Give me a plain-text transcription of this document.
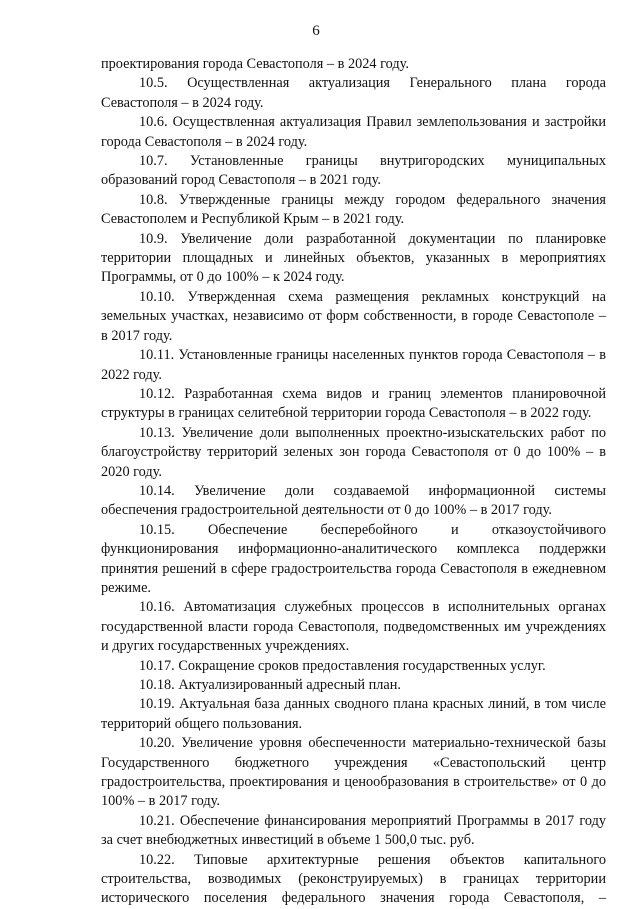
6

проектирования города Севастополя – в 2024 году.

10.5. Осуществленная актуализация Генерального плана города Севастополя – в 2024 году.

10.6. Осуществленная актуализация Правил землепользования и застройки города Севастополя – в 2024 году.

10.7. Установленные границы внутригородских муниципальных образований город Севастополя – в 2021 году.

10.8. Утвержденные границы между городом федерального значения Севастополем и Республикой Крым – в 2021 году.

10.9. Увеличение доли разработанной документации по планировке территории площадных и линейных объектов, указанных в мероприятиях Программы, от 0 до 100% – к 2024 году.

10.10. Утвержденная схема размещения рекламных конструкций на земельных участках, независимо от форм собственности, в городе Севастополе – в 2017 году.

10.11. Установленные границы населенных пунктов города Севастополя – в 2022 году.

10.12. Разработанная схема видов и границ элементов планировочной структуры в границах селитебной территории города Севастополя – в 2022 году.

10.13. Увеличение доли выполненных проектно-изыскательских работ по благоустройству территорий зеленых зон города Севастополя от 0 до 100% – в 2020 году.

10.14. Увеличение доли создаваемой информационной системы обеспечения градостроительной деятельности от 0 до 100% – в 2017 году.

10.15. Обеспечение бесперебойного и отказоустойчивого функционирования информационно-аналитического комплекса поддержки принятия решений в сфере градостроительства города Севастополя в ежедневном режиме.

10.16. Автоматизация служебных процессов в исполнительных органах государственной власти города Севастополя, подведомственных им учреждениях и других государственных учреждениях.

10.17. Сокращение сроков предоставления государственных услуг.

10.18. Актуализированный адресный план.

10.19. Актуальная база данных сводного плана красных линий, в том числе территорий общего пользования.

10.20. Увеличение уровня обеспеченности материально-технической базы Государственного бюджетного учреждения «Севастопольский центр градостроительства, проектирования и ценообразования в строительстве» от 0 до 100% – в 2017 году.

10.21. Обеспечение финансирования мероприятий Программы в 2017 году за счет внебюджетных инвестиций в объеме 1 500,0 тыс. руб.

10.22. Типовые архитектурные решения объектов капитального строительства, возводимых (реконструируемых) в границах территории исторического поселения федерального значения города Севастополя, –
